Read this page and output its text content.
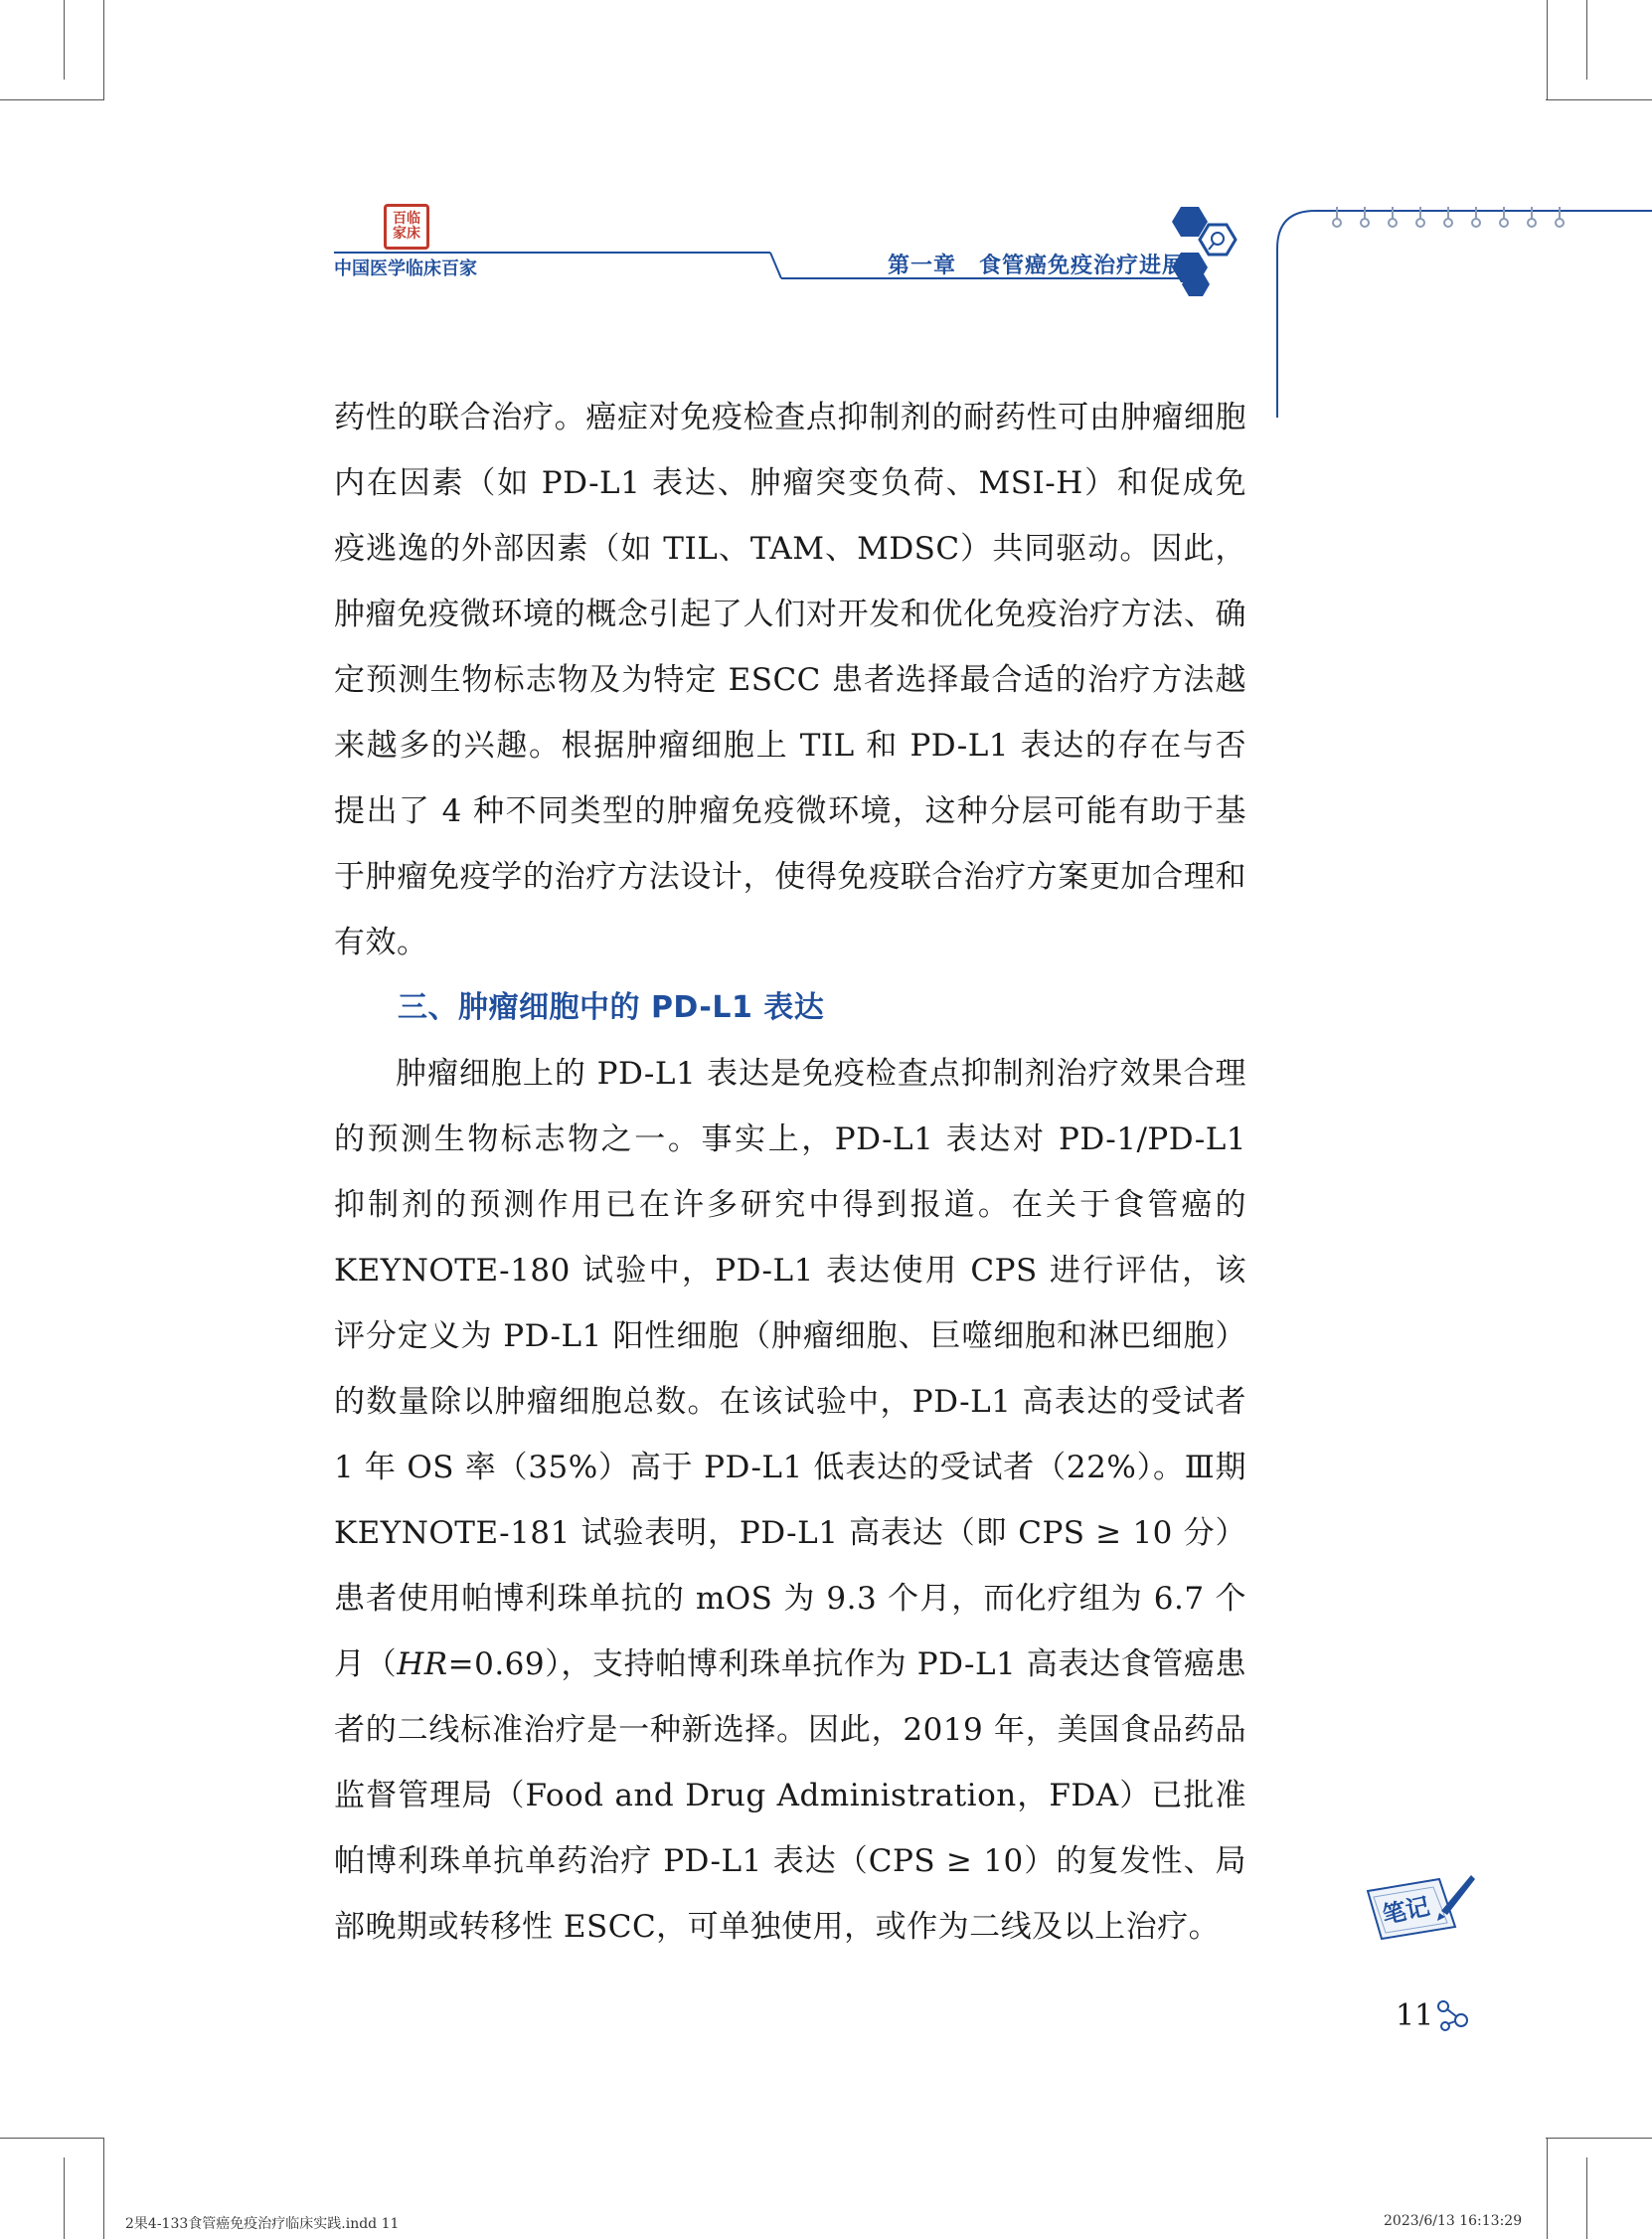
百临家床
中国医学临床百家	第一章　食管癌免疫治疗进展

药性的联合治疗。癌症对免疫检查点抑制剂的耐药性可由肿瘤细胞内在因素（如 PD-L1 表达、肿瘤突变负荷、MSI-H）和促成免疫逃逸的外部因素（如 TIL、TAM、MDSC）共同驱动。因此，肿瘤免疫微环境的概念引起了人们对开发和优化免疫治疗方法、确定预测生物标志物及为特定 ESCC 患者选择最合适的治疗方法越来越多的兴趣。根据肿瘤细胞上 TIL 和 PD-L1 表达的存在与否提出了 4 种不同类型的肿瘤免疫微环境，这种分层可能有助于基于肿瘤免疫学的治疗方法设计，使得免疫联合治疗方案更加合理和有效。

三、肿瘤细胞中的 PD-L1 表达

肿瘤细胞上的 PD-L1 表达是免疫检查点抑制剂治疗效果合理的预测生物标志物之一。事实上，PD-L1 表达对 PD-1/PD-L1 抑制剂的预测作用已在许多研究中得到报道。在关于食管癌的 KEYNOTE-180 试验中，PD-L1 表达使用 CPS 进行评估，该评分定义为 PD-L1 阳性细胞（肿瘤细胞、巨噬细胞和淋巴细胞）的数量除以肿瘤细胞总数。在该试验中，PD-L1 高表达的受试者 1 年 OS 率（35%）高于 PD-L1 低表达的受试者（22%）。Ⅲ期 KEYNOTE-181 试验表明，PD-L1 高表达（即 CPS ≥ 10 分）患者使用帕博利珠单抗的 mOS 为 9.3 个月，而化疗组为 6.7 个月（HR=0.69），支持帕博利珠单抗作为 PD-L1 高表达食管癌患者的二线标准治疗是一种新选择。因此，2019 年，美国食品药品监督管理局（Food and Drug Administration，FDA）已批准帕博利珠单抗单药治疗 PD-L1 表达（CPS ≥ 10）的复发性、局部晚期或转移性 ESCC，可单独使用，或作为二线及以上治疗。	笔记
11
2果4-133食管癌免疫治疗临床实践.indd 11	2023/6/13 16:13:29
